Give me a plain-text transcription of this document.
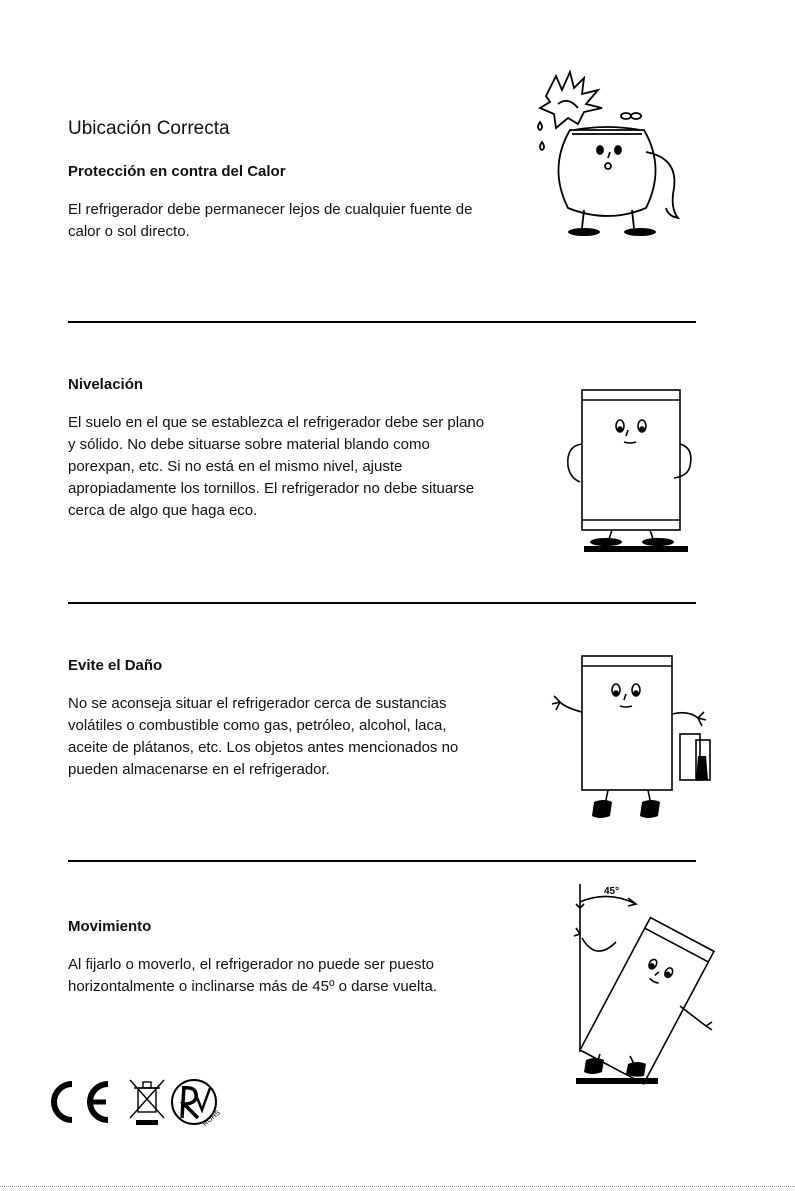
Ubicación Correcta
Protección en contra del Calor
El refrigerador debe permanecer lejos de cualquier fuente de
calor o sol directo.
Nivelación
El suelo en el que se establezca el refrigerador debe ser plano
y sólido. No debe situarse sobre material blando como
porexpan, etc. Si no está en el mismo nivel, ajuste
apropiadamente los tornillos. El refrigerador no debe situarse
cerca de algo que haga eco.
Evite el Daño
No se aconseja situar el refrigerador cerca de sustancias
volátiles o combustible como gas, petróleo, alcohol, laca,
aceite de plátanos, etc. Los objetos antes mencionados no
pueden almacenarse en el refrigerador.
Movimiento
Al fijarlo o moverlo, el refrigerador no puede ser puesto
horizontalmente o inclinarse más de 45º o darse vuelta.
45°
ROHS
